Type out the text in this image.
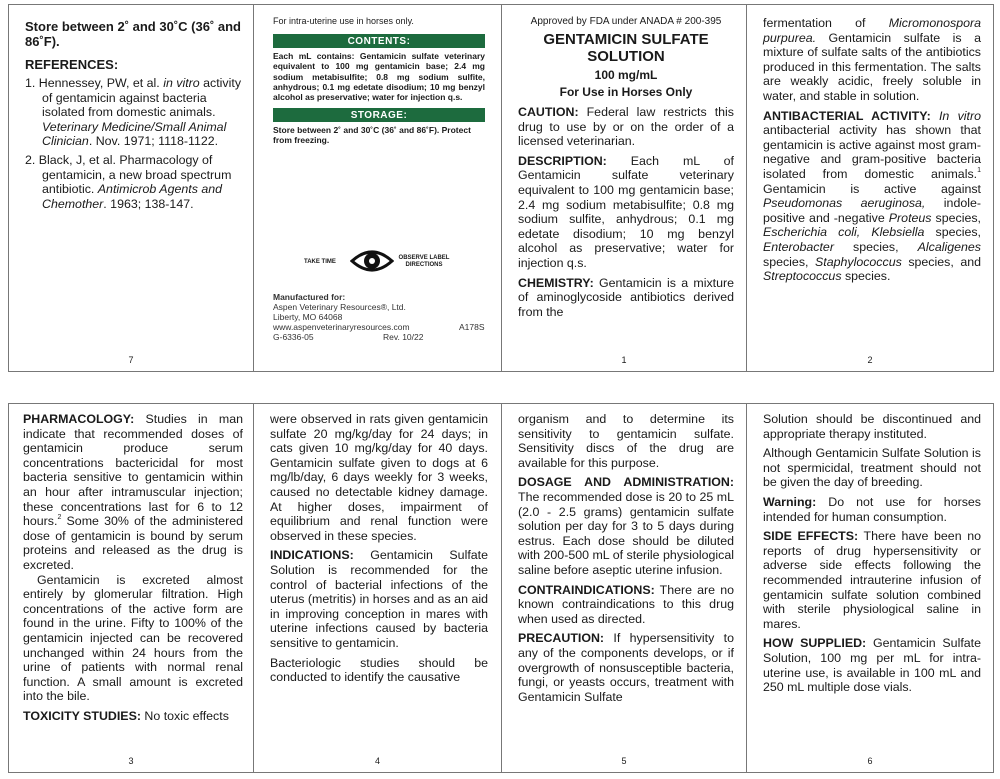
Store between 2˚ and 30˚C (36˚ and 86˚F).
REFERENCES:

1. Hennessey, PW, et al. in vitro activity of gentamicin against bacteria isolated from domestic animals. Veterinary Medicine/Small Animal Clinician. Nov. 1971; 1118-1122.

2. Black, J, et al. Pharmacology of gentamicin, a new broad spectrum antibiotic. Antimicrob Agents and Chemother. 1963; 138-147.

7
For intra-uterine use in horses only.
CONTENTS:
Each mL contains: Gentamicin sulfate veterinary equivalent to 100 mg gentamicin base; 2.4 mg sodium metabisulfite; 0.8 mg sodium sulfite, anhydrous; 0.1 mg edetate disodium; 10 mg benzyl alcohol as preservative; water for injection q.s.
STORAGE:
Store between 2˚ and 30˚C (36˚ and 86˚F). Protect from freezing.
TAKE TIME
OBSERVE LABEL DIRECTIONS
Manufactured for:
Aspen Veterinary Resources®, Ltd.
Liberty, MO 64068
www.aspenveterinaryresources.com
G-6336-05	Rev. 10/22
A178S
Approved by FDA under ANADA # 200-395
GENTAMICIN SULFATE SOLUTION
100 mg/mL
For Use in Horses Only

CAUTION: Federal law restricts this drug to use by or on the order of a licensed veterinarian.

DESCRIPTION: Each mL of Gentamicin sulfate veterinary equivalent to 100 mg gentamicin base; 2.4 mg sodium metabisulfite; 0.8 mg sodium sulfite, anhydrous; 0.1 mg edetate disodium; 10 mg benzyl alcohol as preservative; water for injection q.s.

CHEMISTRY: Gentamicin is a mixture of aminoglycoside antibiotics derived from the

1

fermentation of Micromonospora purpurea. Gentamicin sulfate is a mixture of sulfate salts of the antibiotics produced in this fermentation. The salts are weakly acidic, freely soluble in water, and stable in solution.

ANTIBACTERIAL ACTIVITY: In vitro antibacterial activity has shown that gentamicin is active against most gram-negative and gram-positive bacteria isolated from domestic animals.$^1$ Gentamicin is active against Pseudomonas aeruginosa, indole-positive and -negative Proteus species, Escherichia coli, Klebsiella species, Enterobacter species, Alcaligenes species, Staphylococcus species, and Streptococcus species.

2

PHARMACOLOGY: Studies in man indicate that recommended doses of gentamicin produce serum concentrations bactericidal for most bacteria sensitive to gentamicin within an hour after intramuscular injection; these concentrations last for 6 to 12 hours.$^2$ Some 30% of the administered dose of gentamicin is bound by serum proteins and released as the drug is excreted.

Gentamicin is excreted almost entirely by glomerular filtration. High concentrations of the active form are found in the urine. Fifty to 100% of the gentamicin injected can be recovered unchanged within 24 hours from the urine of patients with normal renal function. A small amount is excreted into the bile.

TOXICITY STUDIES: No toxic effects

3

were observed in rats given gentamicin sulfate 20 mg/kg/day for 24 days; in cats given 10 mg/kg/day for 40 days. Gentamicin sulfate given to dogs at 6 mg/lb/day, 6 days weekly for 3 weeks, caused no detectable kidney damage. At higher doses, impairment of equilibrium and renal function were observed in these species.

INDICATIONS: Gentamicin Sulfate Solution is recommended for the control of bacterial infections of the uterus (metritis) in horses and as an aid in improving conception in mares with uterine infections caused by bacteria sensitive to gentamicin.

Bacteriologic studies should be conducted to identify the causative

4

organism and to determine its sensitivity to gentamicin sulfate. Sensitivity discs of the drug are available for this purpose.

DOSAGE AND ADMINISTRATION: The recommended dose is 20 to 25 mL (2.0 - 2.5 grams) gentamicin sulfate solution per day for 3 to 5 days during estrus. Each dose should be diluted with 200-500 mL of sterile physiological saline before aseptic uterine infusion.

CONTRAINDICATIONS: There are no known contraindications to this drug when used as directed.

PRECAUTION: If hypersensitivity to any of the components develops, or if overgrowth of nonsusceptible bacteria, fungi, or yeasts occurs, treatment with Gentamicin Sulfate

5

Solution should be discontinued and appropriate therapy instituted.

Although Gentamicin Sulfate Solution is not spermicidal, treatment should not be given the day of breeding.

Warning: Do not use for horses intended for human consumption.

SIDE EFFECTS: There have been no reports of drug hypersensitivity or adverse side effects following the recommended intrauterine infusion of gentamicin sulfate solution combined with sterile physiological saline in mares.

HOW SUPPLIED: Gentamicin Sulfate Solution, 100 mg per mL for intra-uterine use, is available in 100 mL and 250 mL multiple dose vials.

6
